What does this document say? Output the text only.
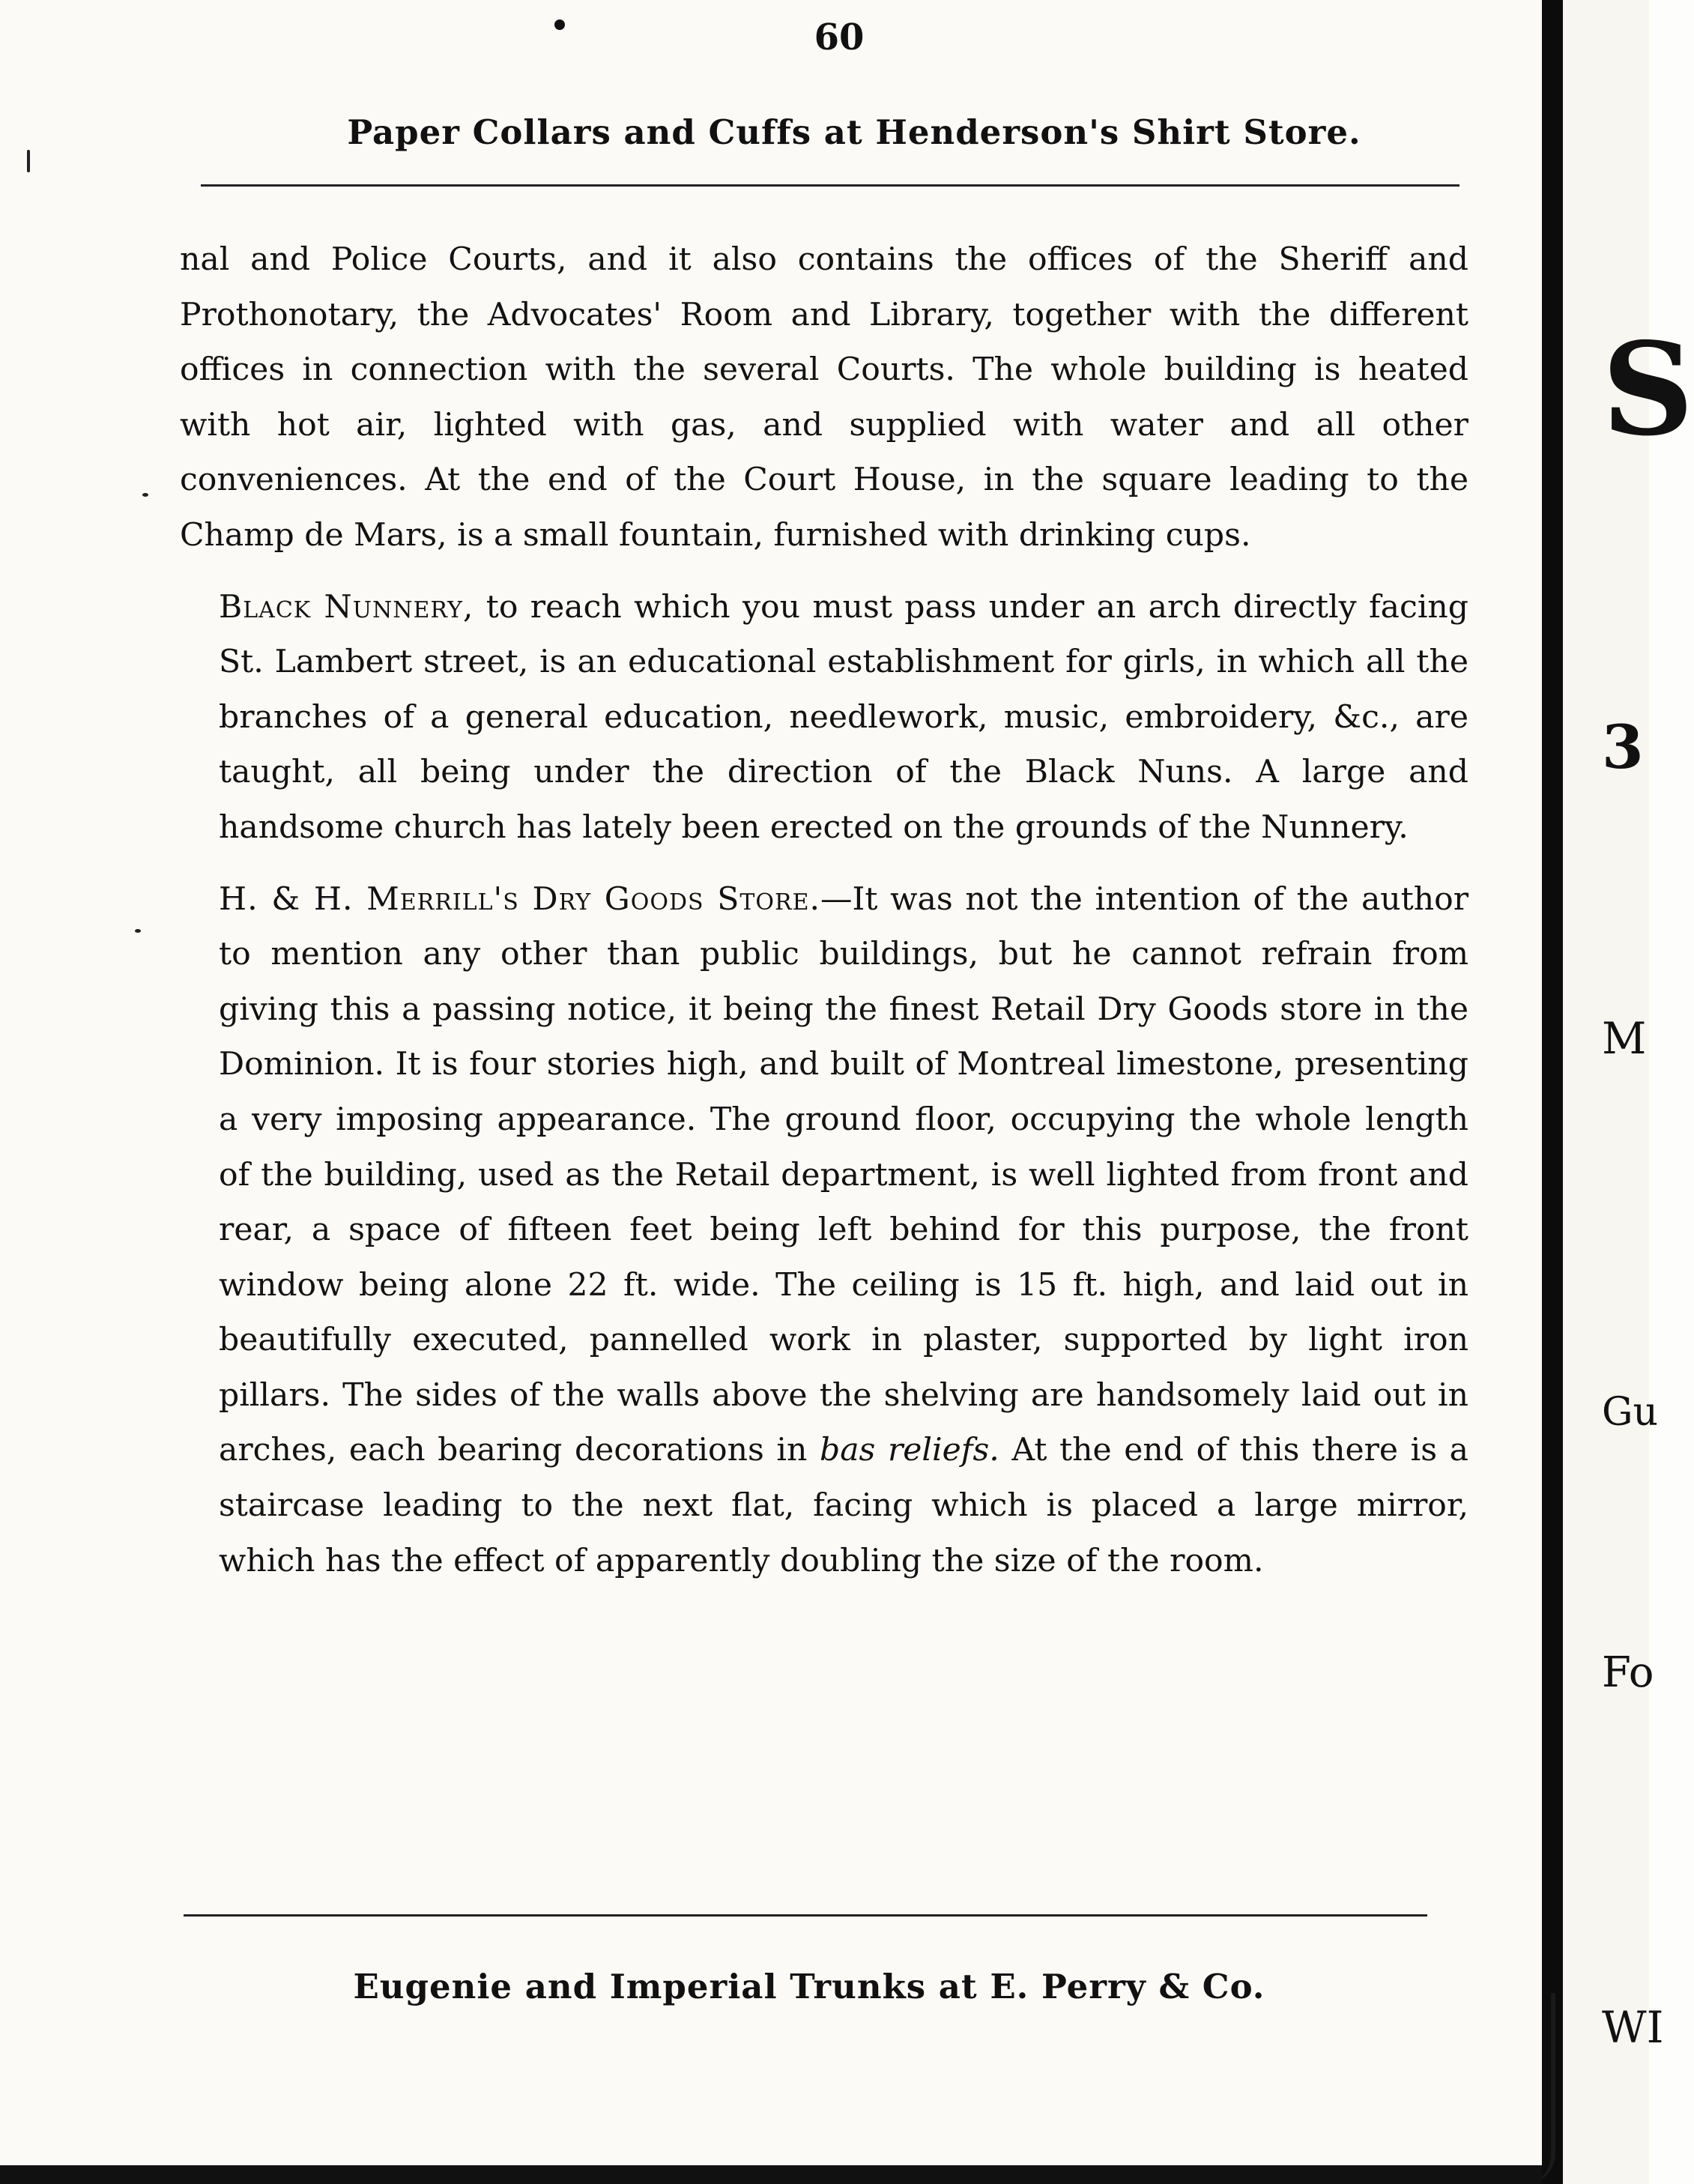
60
Paper Collars and Cuffs at Henderson's Shirt Store.

nal and Police Courts, and it also contains the offices of the Sheriff and Prothonotary, the Advocates' Room and Library, together with the different offices in connection with the several Courts. The whole building is heated with hot air, lighted with gas, and supplied with water and all other conveniences. At the end of the Court House, in the square leading to the Champ de Mars, is a small fountain, furnished with drinking cups.

Black Nunnery, to reach which you must pass under an arch directly facing St. Lambert street, is an educational establishment for girls, in which all the branches of a general education, needlework, music, embroidery, &c., are taught, all being under the direction of the Black Nuns. A large and handsome church has lately been erected on the grounds of the Nunnery.

H. & H. Merrill's Dry Goods Store.—It was not the intention of the author to mention any other than public buildings, but he cannot refrain from giving this a passing notice, it being the finest Retail Dry Goods store in the Dominion. It is four stories high, and built of Montreal limestone, presenting a very imposing appearance. The ground floor, occupying the whole length of the building, used as the Retail department, is well lighted from front and rear, a space of fifteen feet being left behind for this purpose, the front window being alone 22 ft. wide. The ceiling is 15 ft. high, and laid out in beautifully executed, pannelled work in plaster, supported by light iron pillars. The sides of the walls above the shelving are handsomely laid out in arches, each bearing decorations in bas reliefs. At the end of this there is a staircase leading to the next flat, facing which is placed a large mirror, which has the effect of apparently doubling the size of the room.

Eugenie and Imperial Trunks at E. Perry & Co.
S
3
M
Gu
Fo
WI
